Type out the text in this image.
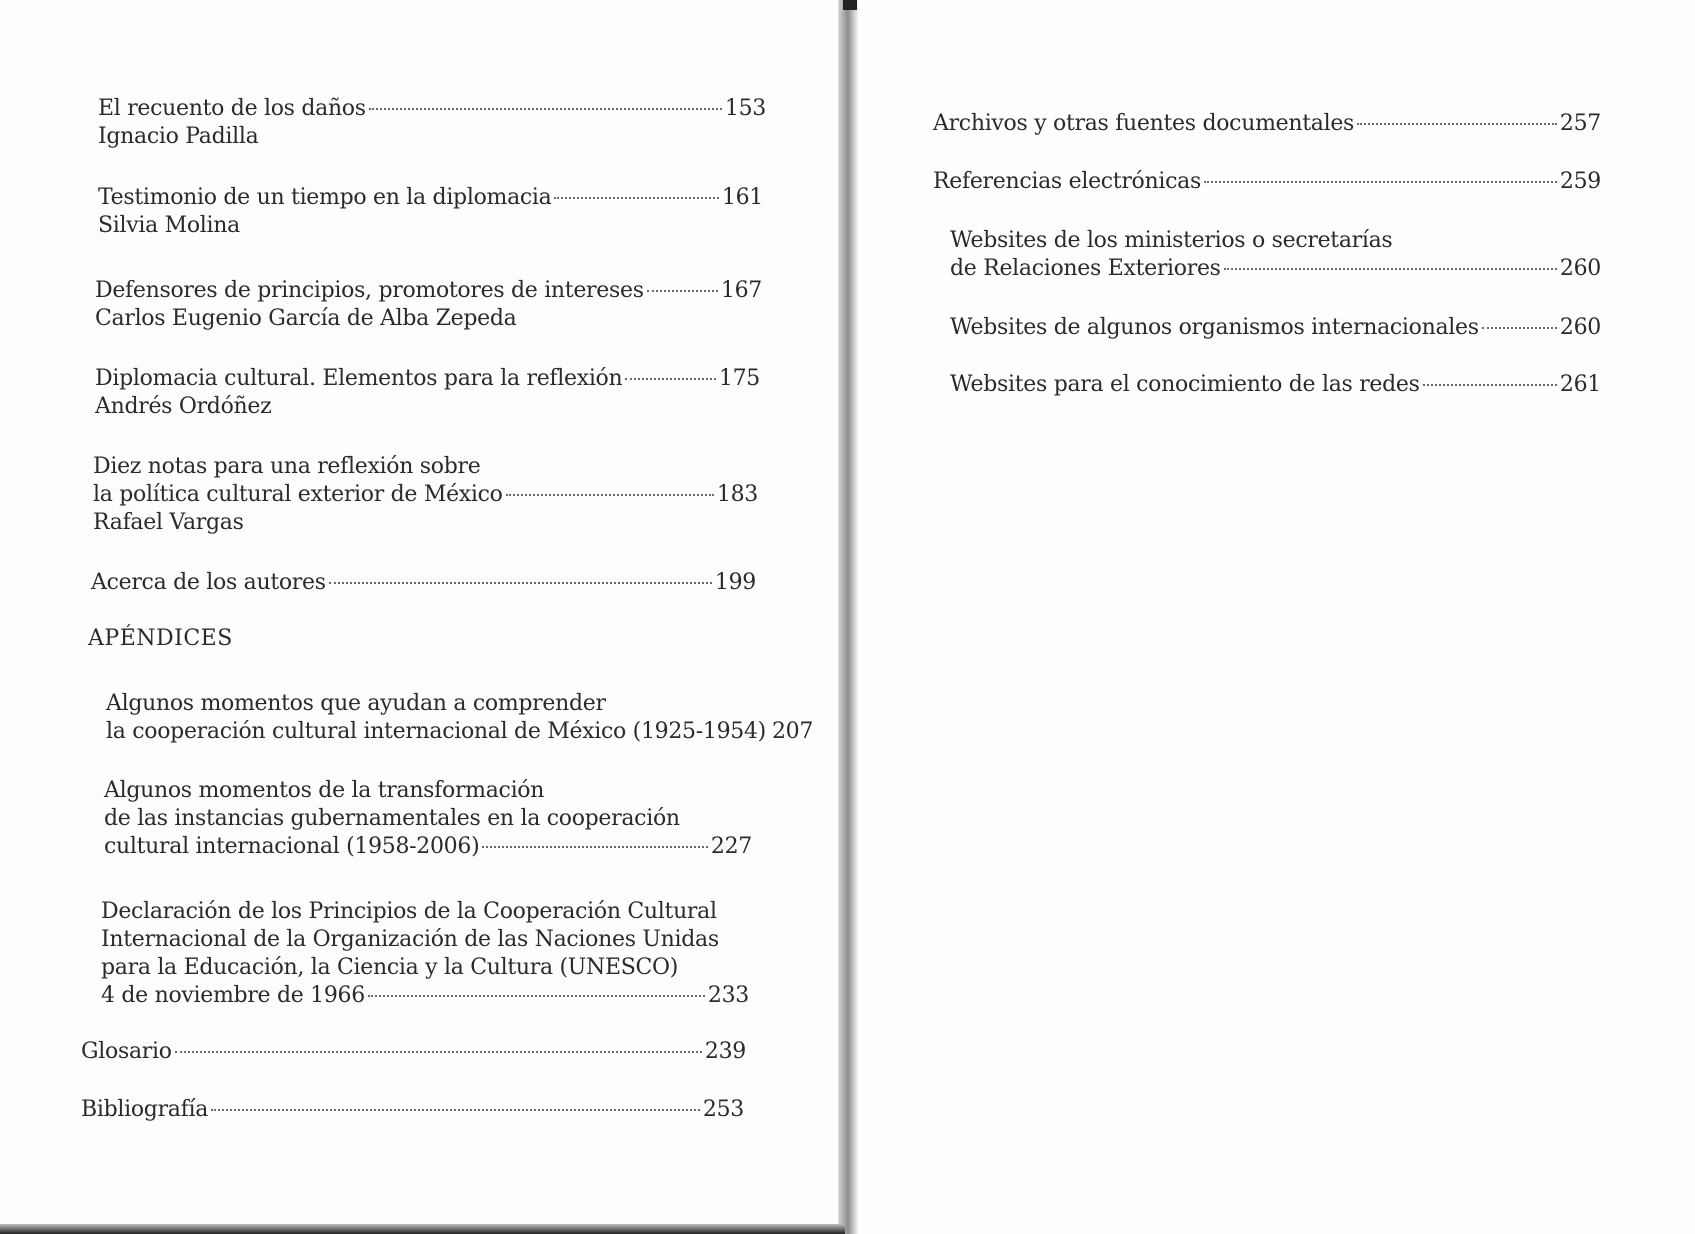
El recuento de los daños	153
Ignacio Padilla
Testimonio de un tiempo en la diplomacia	161
Silvia Molina
Defensores de principios, promotores de intereses	167
Carlos Eugenio García de Alba Zepeda
Diplomacia cultural. Elementos para la reflexión	175
Andrés Ordóñez
Diez notas para una reflexión sobre
la política cultural exterior de México	183
Rafael Vargas
Acerca de los autores	199
APÉNDICES
Algunos momentos que ayudan a comprender
la cooperación cultural internacional de México (1925-1954) 207
Algunos momentos de la transformación
de las instancias gubernamentales en la cooperación
cultural internacional (1958-2006)	227
Declaración de los Principios de la Cooperación Cultural
Internacional de la Organización de las Naciones Unidas
para la Educación, la Ciencia y la Cultura (UNESCO)
4 de noviembre de 1966	233
Glosario	239
Bibliografía	253
Archivos y otras fuentes documentales	257
Referencias electrónicas	259
Websites de los ministerios o secretarías
de Relaciones Exteriores	260
Websites de algunos organismos internacionales	260
Websites para el conocimiento de las redes	261
